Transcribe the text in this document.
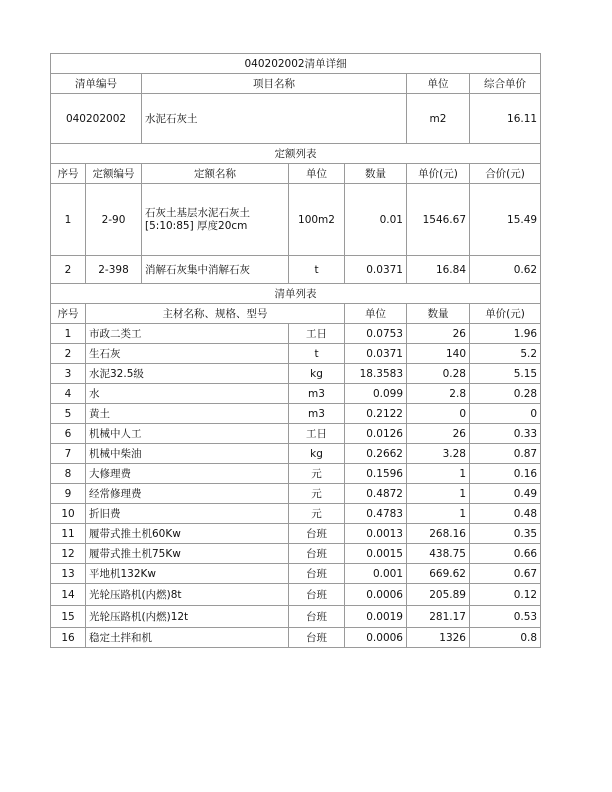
040202002清单详细							
清单编号		项目名称			单位	综合单价	
040202002		水泥石灰土			m2	16.11	
定额列表							
序号	定额编号	定额名称	单位	数量	单价(元)	合价(元)	
1	2-90	石灰土基层水泥石灰土[5:10:85] 厚度20cm	100m2	0.01	1546.67	15.49	
2	2-398	消解石灰集中消解石灰	t	0.0371	16.84	0.62	
清单列表							
序号	主材名称、规格、型号			单位	数量	单价(元)	
1	市政二类工		工日	0.0753	26	1.96	
2	生石灰		t	0.0371	140	5.2	
3	水泥32.5级		kg	18.3583	0.28	5.15	
4	水		m3	0.099	2.8	0.28	
5	黄土		m3	0.2122	0	0	
6	机械中人工		工日	0.0126	26	0.33	
7	机械中柴油		kg	0.2662	3.28	0.87	
8	大修理费		元	0.1596	1	0.16	
9	经常修理费		元	0.4872	1	0.49	
10	折旧费		元	0.4783	1	0.48	
11	履带式推土机60Kw		台班	0.0013	268.16	0.35	
12	履带式推土机75Kw		台班	0.0015	438.75	0.66	
13	平地机132Kw		台班	0.001	669.62	0.67	
14	光轮压路机(内燃)8t		台班	0.0006	205.89	0.12	
15	光轮压路机(内燃)12t		台班	0.0019	281.17	0.53	
16	稳定土拌和机		台班	0.0006	1326	0.8	
